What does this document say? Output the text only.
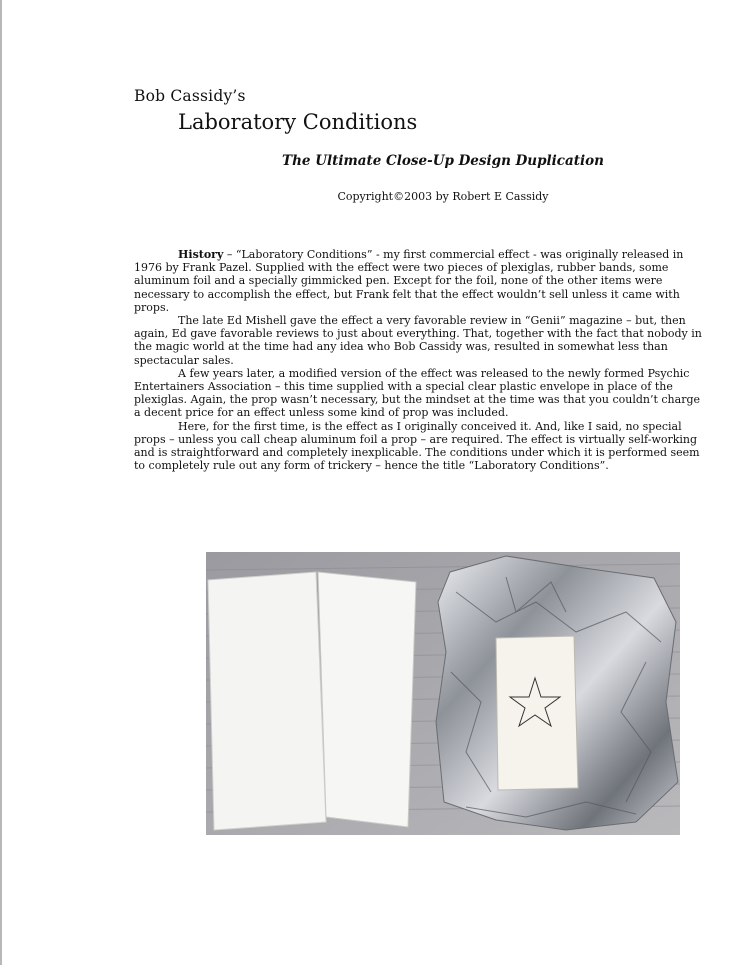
Bob Cassidy’s
Laboratory Conditions
The Ultimate Close-Up Design Duplication
Copyright©2003 by Robert E Cassidy

History – “Laboratory Conditions” - my first commercial effect - was originally released in 1976 by Frank Pazel. Supplied with the effect were two pieces of plexiglas, rubber bands, some aluminum foil and a specially gimmicked pen. Except for the foil, none of the other items were necessary to accomplish the effect, but Frank felt that the effect wouldn’t sell unless it came with props.

The late Ed Mishell gave the effect a very favorable review in “Genii” magazine – but, then again, Ed gave favorable reviews to just about everything. That, together with the fact that nobody in the magic world at the time had any idea who Bob Cassidy was, resulted in somewhat less than spectacular sales.

A few years later, a modified version of the effect was released to the newly formed Psychic Entertainers Association – this time supplied with a special clear plastic envelope in place of the plexiglas. Again, the prop wasn’t necessary, but the mindset at the time was that you couldn’t charge a decent price for an effect unless some kind of prop was included.

Here, for the first time, is the effect as I originally conceived it. And, like I said, no special props – unless you call cheap aluminum foil a prop – are required. The effect is virtually self-working and is straightforward and completely inexplicable. The conditions under which it is performed seem to completely rule out any form of trickery – hence the title “Laboratory Conditions”.
